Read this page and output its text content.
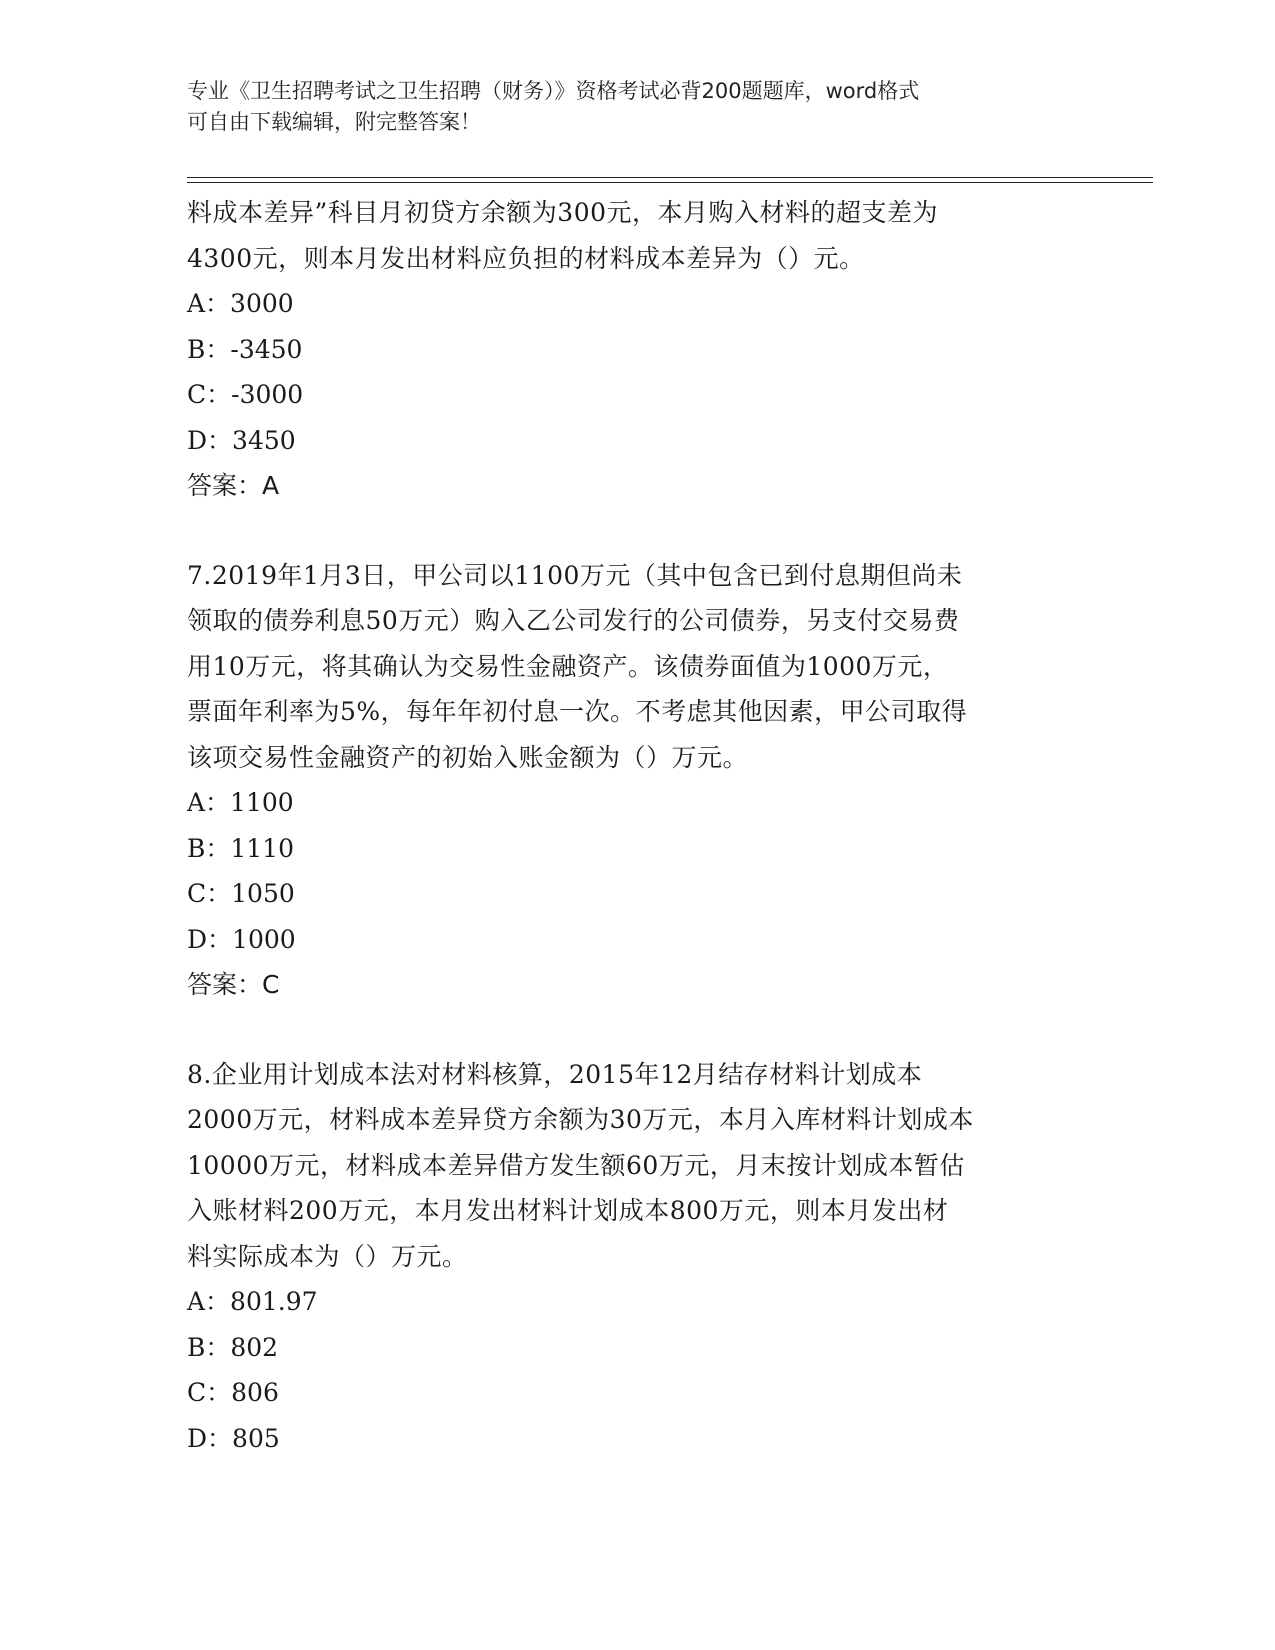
专业《卫生招聘考试之卫生招聘（财务）》资格考试必背200题题库，word格式
可自由下载编辑，附完整答案！

料成本差异”科目月初贷方余额为300元，本月购入材料的超支差为

4300元，则本月发出材料应负担的材料成本差异为（）元。

A：3000

B：-3450

C：-3000

D：3450

答案：A

7.2019年1月3日，甲公司以1100万元（其中包含已到付息期但尚未

领取的债券利息50万元）购入乙公司发行的公司债券，另支付交易费

用10万元，将其确认为交易性金融资产。该债券面值为1000万元，

票面年利率为5%，每年年初付息一次。不考虑其他因素，甲公司取得

该项交易性金融资产的初始入账金额为（）万元。

A：1100

B：1110

C：1050

D：1000

答案：C

8.企业用计划成本法对材料核算，2015年12月结存材料计划成本

2000万元，材料成本差异贷方余额为30万元，本月入库材料计划成本

10000万元，材料成本差异借方发生额60万元，月末按计划成本暂估

入账材料200万元，本月发出材料计划成本800万元，则本月发出材

料实际成本为（）万元。

A：801.97

B：802

C：806

D：805
